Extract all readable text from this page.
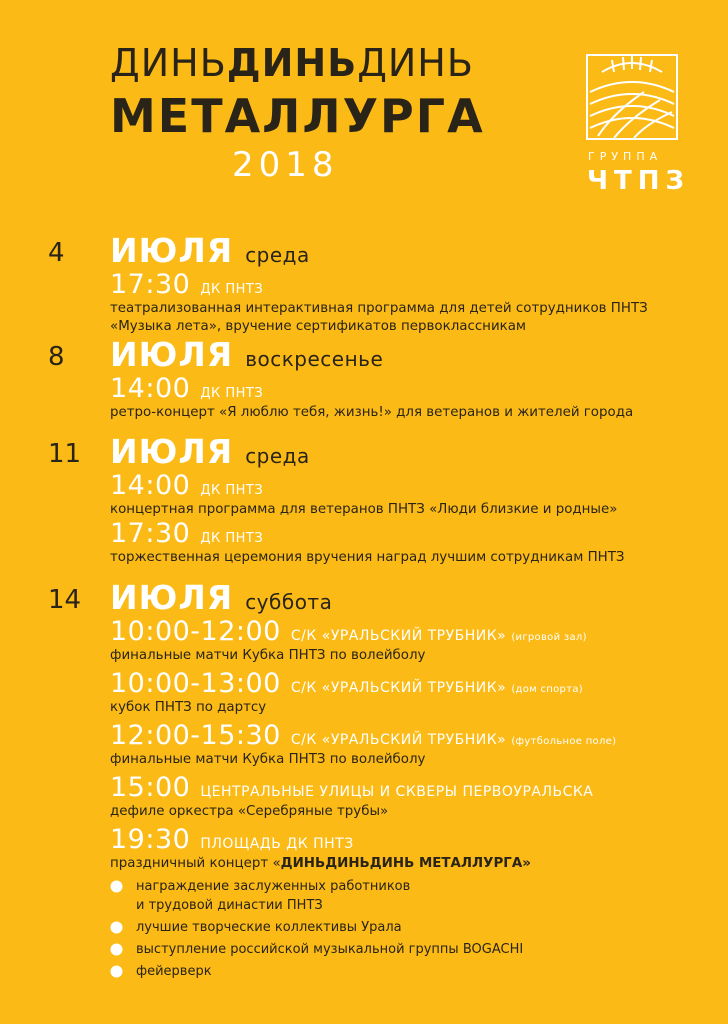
ДИНЬДИНЬДИНЬ
МЕТАЛЛУРГА
2018	ГРУППА
ЧТПЗ
4 ИЮЛЯ среда
17:30 ДК ПНТЗ
театрализованная интерактивная программа для детей сотрудников ПНТЗ
«Музыка лета», вручение сертификатов первоклассникам
8 ИЮЛЯ воскресенье
14:00 ДК ПНТЗ
ретро-концерт «Я люблю тебя, жизнь!» для ветеранов и жителей города
11 ИЮЛЯ среда
14:00 ДК ПНТЗ
концертная программа для ветеранов ПНТЗ «Люди близкие и родные»
17:30 ДК ПНТЗ
торжественная церемония вручения наград лучшим сотрудникам ПНТЗ
14 ИЮЛЯ суббота
10:00-12:00 С/К «УРАЛЬСКИЙ ТРУБНИК» (игровой зал)
финальные матчи Кубка ПНТЗ по волейболу
10:00-13:00 С/К «УРАЛЬСКИЙ ТРУБНИК» (дом спорта)
кубок ПНТЗ по дартсу
12:00-15:30 С/К «УРАЛЬСКИЙ ТРУБНИК» (футбольное поле)
финальные матчи Кубка ПНТЗ по волейболу
15:00 ЦЕНТРАЛЬНЫЕ УЛИЦЫ И СКВЕРЫ ПЕРВОУРАЛЬСКА
дефиле оркестра «Серебряные трубы»
19:30 ПЛОЩАДЬ ДК ПНТЗ
праздничный концерт «ДИНЬДИНЬДИНЬ МЕТАЛЛУРГА»
награждение заслуженных работников
и трудовой династии ПНТЗ
лучшие творческие коллективы Урала
выступление российской музыкальной группы BOGACHI
фейерверк
